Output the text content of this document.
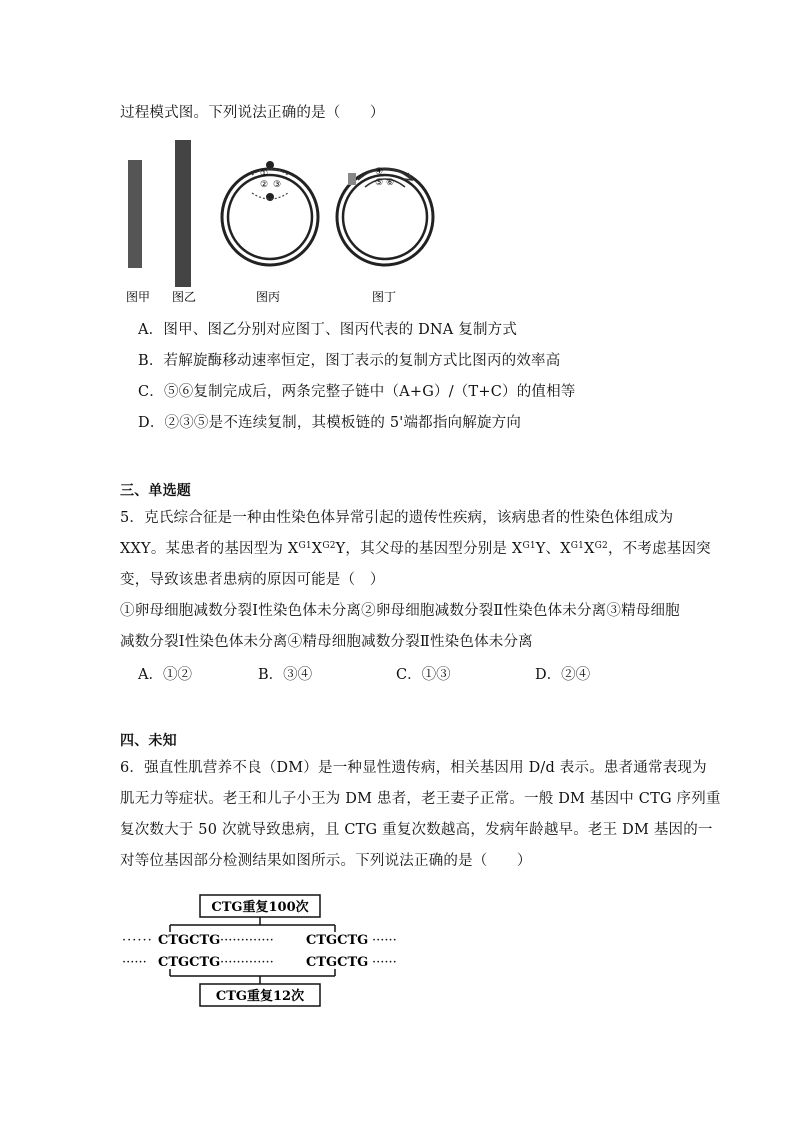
过程模式图。下列说法正确的是（　　）
①
② ③
④
⑤ ⑥
图甲 图乙	图丙	图丁
A．图甲、图乙分别对应图丁、图丙代表的 DNA 复制方式
B．若解旋酶移动速率恒定，图丁表示的复制方式比图丙的效率高
C．⑤⑥复制完成后，两条完整子链中（A+G）/（T+C）的值相等
D．②③⑤是不连续复制，其模板链的 5'端都指向解旋方向
三、单选题
5．克氏综合征是一种由性染色体异常引起的遗传性疾病，该病患者的性染色体组成为
XXY。某患者的基因型为 $X^{G1}X^{G2}Y$，其父母的基因型分别是 $X^{G1}Y$、$X^{G1}X^{G2}$，不考虑基因突
变，导致该患者患病的原因可能是（　）
①卵母细胞减数分裂Ⅰ性染色体未分离②卵母细胞减数分裂Ⅱ性染色体未分离③精母细胞
减数分裂Ⅰ性染色体未分离④精母细胞减数分裂Ⅱ性染色体未分离
A．①②	B．③④	C．①③	D．②④
四、未知
6．强直性肌营养不良（DM）是一种显性遗传病，相关基因用 D/d 表示。患者通常表现为
肌无力等症状。老王和儿子小王为 DM 患者，老王妻子正常。一般 DM 基因中 CTG 序列重
复次数大于 50 次就导致患病，且 CTG 重复次数越高，发病年龄越早。老王 DM 基因的一
对等位基因部分检测结果如图所示。下列说法正确的是（　　）
CTG重复100次
······ CTGCTG ············· CTGCTG ······
······ CTGCTG ············· CTGCTG ······
CTG重复12次
